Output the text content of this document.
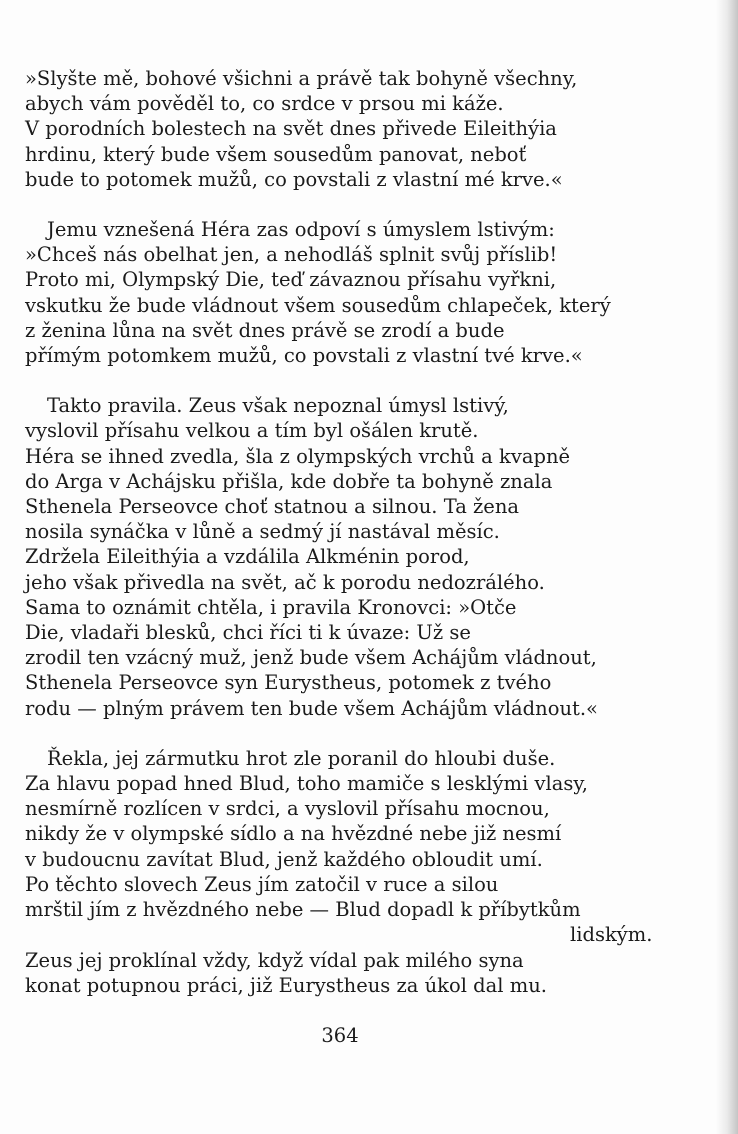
»Slyšte mě, bohové všichni a právě tak bohyně všechny,
abych vám pověděl to, co srdce v prsou mi káže.
V porodních bolestech na svět dnes přivede Eileithýia
hrdinu, který bude všem sousedům panovat, neboť
bude to potomek mužů, co povstali z vlastní mé krve.«
Jemu vznešená Héra zas odpoví s úmyslem lstivým:
»Chceš nás obelhat jen, a nehodláš splnit svůj příslib!
Proto mi, Olympský Die, teď závaznou přísahu vyřkni,
vskutku že bude vládnout všem sousedům chlapeček, který
z ženina lůna na svět dnes právě se zrodí a bude
přímým potomkem mužů, co povstali z vlastní tvé krve.«
Takto pravila. Zeus však nepoznal úmysl lstivý,
vyslovil přísahu velkou a tím byl ošálen krutě.
Héra se ihned zvedla, šla z olympských vrchů a kvapně
do Arga v Achájsku přišla, kde dobře ta bohyně znala
Sthenela Perseovce choť statnou a silnou. Ta žena
nosila synáčka v lůně a sedmý jí nastával měsíc.
Zdržela Eileithýia a vzdálila Alkménin porod,
jeho však přivedla na svět, ač k porodu nedozrálého.
Sama to oznámit chtěla, i pravila Kronovci: »Otče
Die, vladaři blesků, chci říci ti k úvaze: Už se
zrodil ten vzácný muž, jenž bude všem Achájům vládnout,
Sthenela Perseovce syn Eurystheus, potomek z tvého
rodu — plným právem ten bude všem Achájům vládnout.«
Řekla, jej zármutku hrot zle poranil do hloubi duše.
Za hlavu popad hned Blud, toho mamiče s lesklými vlasy,
nesmírně rozlícen v srdci, a vyslovil přísahu mocnou,
nikdy že v olympské sídlo a na hvězdné nebe již nesmí
v budoucnu zavítat Blud, jenž každého obloudit umí.
Po těchto slovech Zeus jím zatočil v ruce a silou
mrštil jím z hvězdného nebe — Blud dopadl k příbytkům
lidským.
Zeus jej proklínal vždy, když vídal pak milého syna
konat potupnou práci, již Eurystheus za úkol dal mu.
364
